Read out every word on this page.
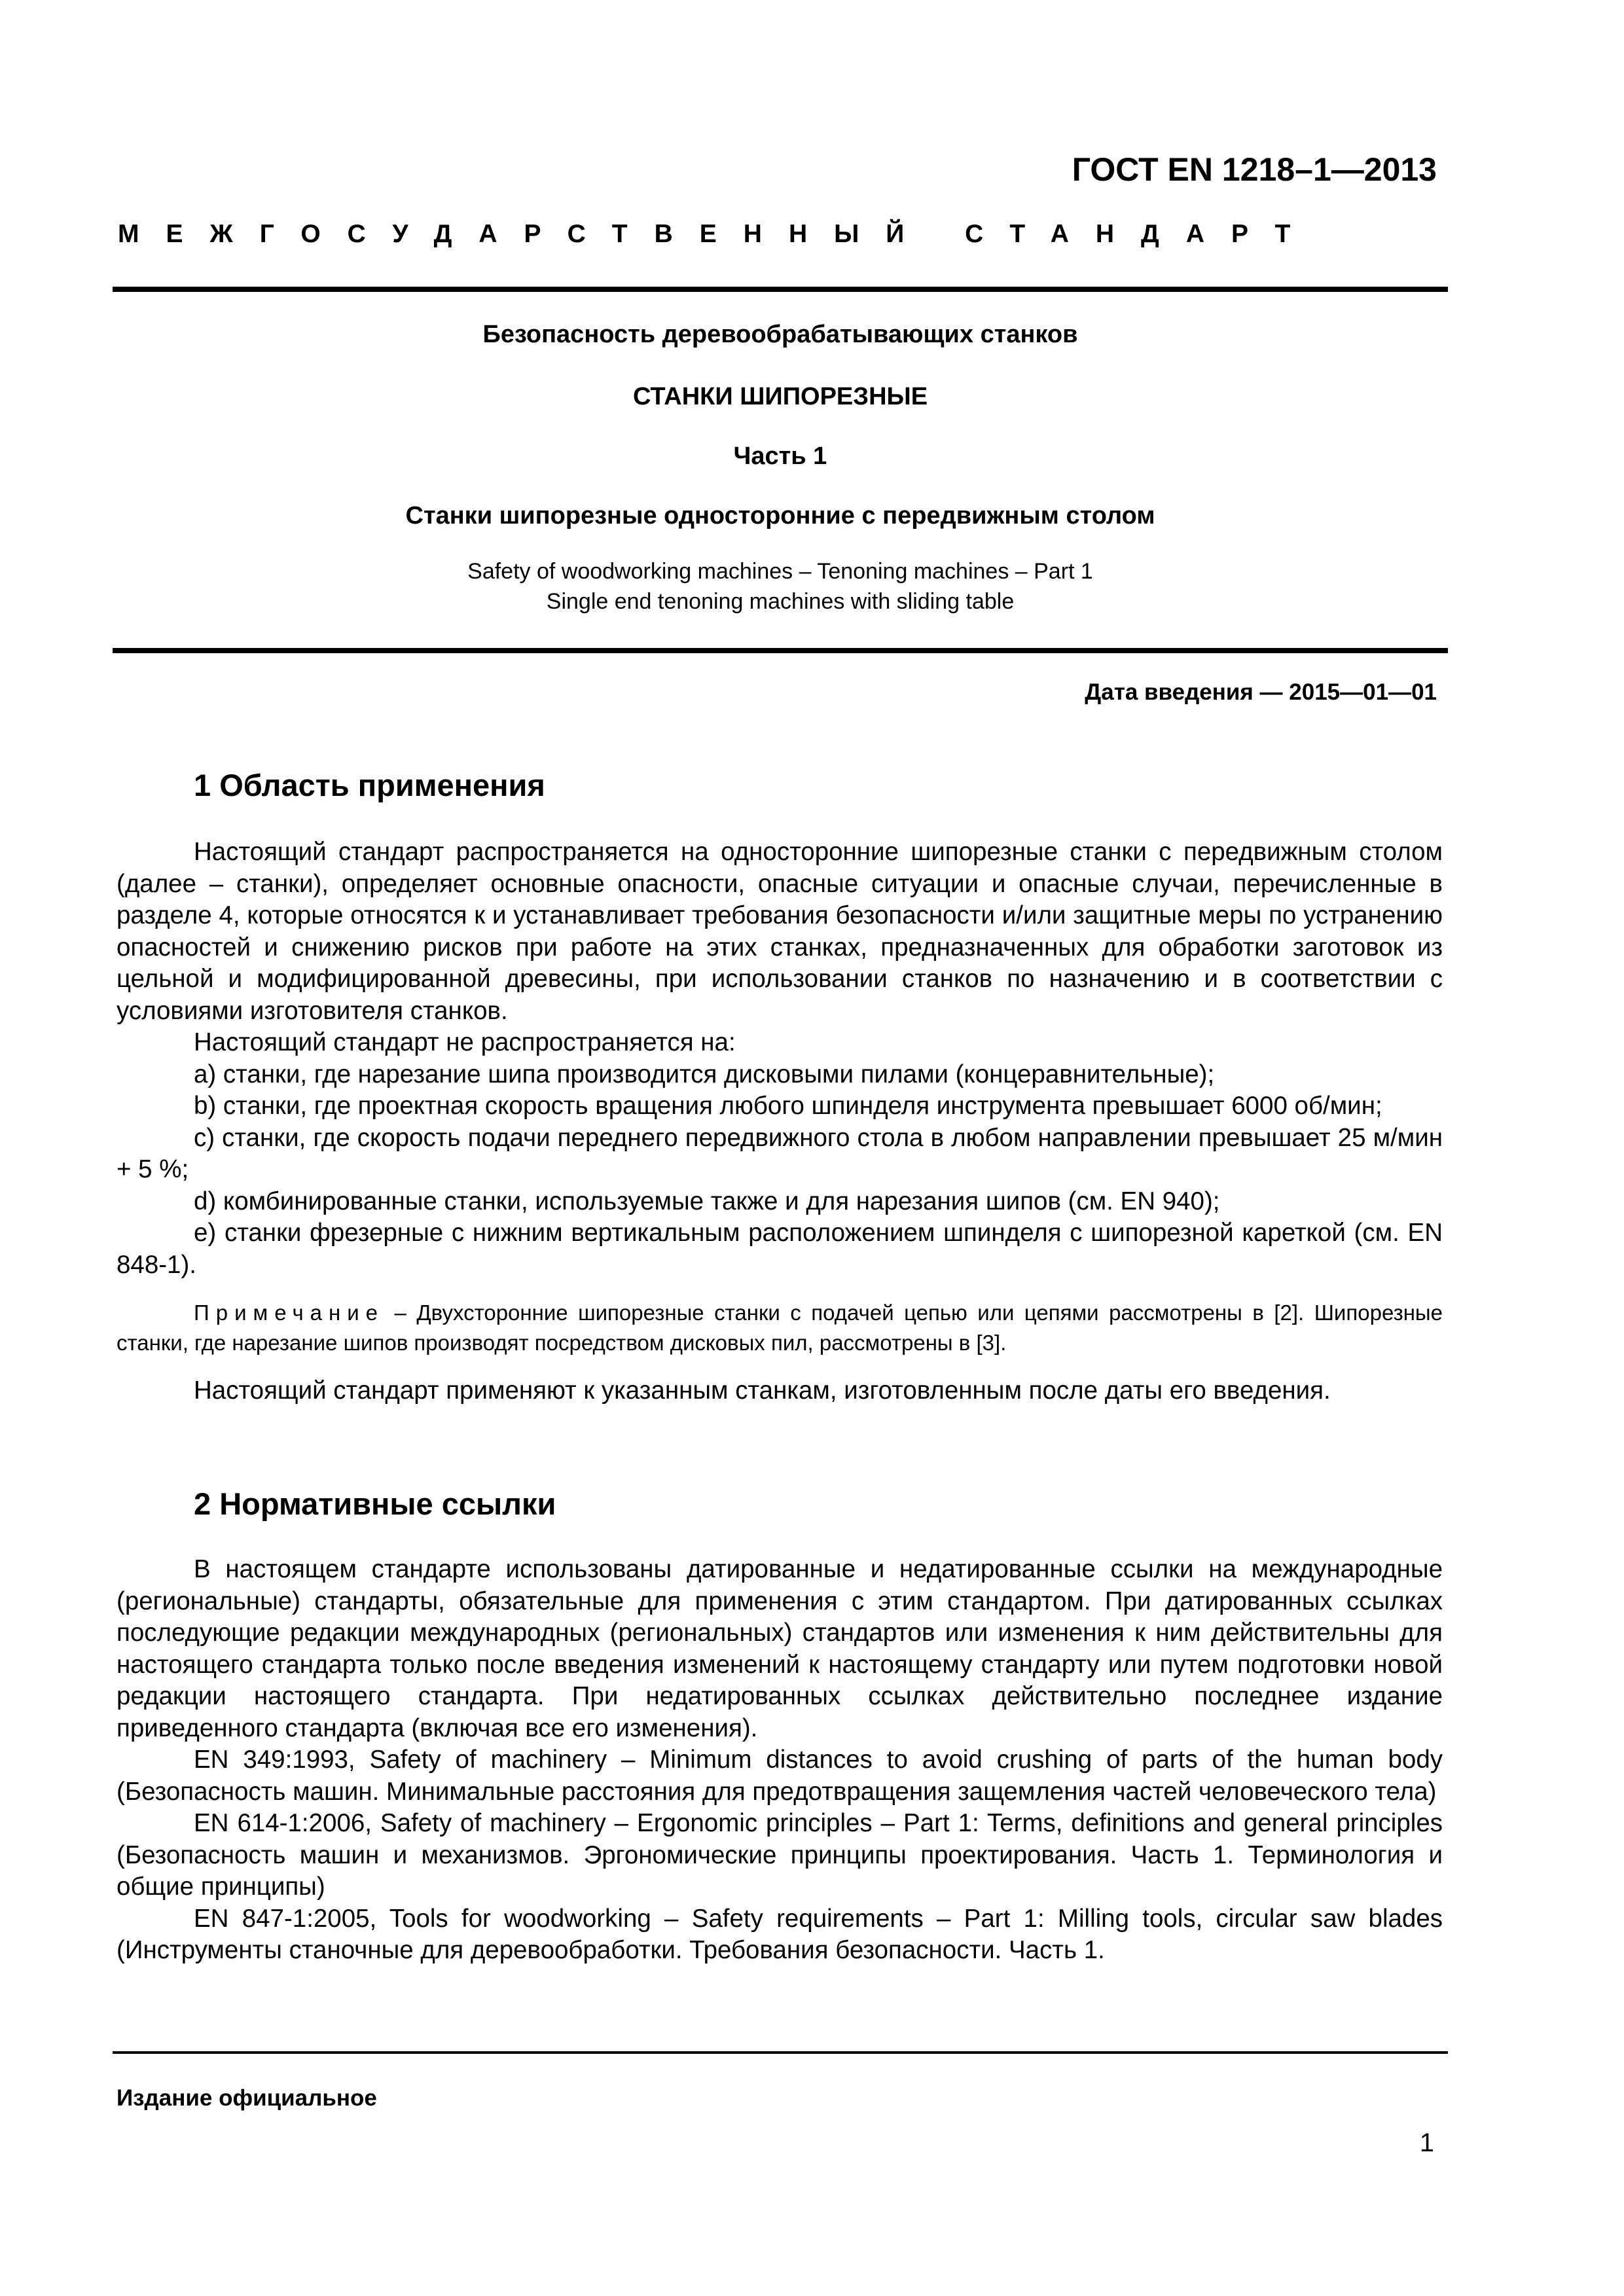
ГОСТ EN 1218–1—2013
МЕЖГОСУДАРСТВЕННЫЙ СТАНДАРТ
Безопасность деревообрабатывающих станков
СТАНКИ ШИПОРЕЗНЫЕ
Часть 1
Станки шипорезные односторонние с передвижным столом
Safety of woodworking machines – Tenoning machines – Part 1
Single end tenoning machines with sliding table
Дата введения — 2015—01—01
1 Область применения

Настоящий стандарт распространяется на односторонние шипорезные станки с передвижным столом (далее – станки), определяет основные опасности, опасные ситуации и опасные случаи, перечисленные в разделе 4, которые относятся к и устанавливает требования безопасности и/или защитные меры по устранению опасностей и снижению рисков при работе на этих станках, предназначенных для обработки заготовок из цельной и модифицированной древесины, при использовании станков по назначению и в соответствии с условиями изготовителя станков.

Настоящий стандарт не распространяется на:

a) станки, где нарезание шипа производится дисковыми пилами (концеравнительные);

b) станки, где проектная скорость вращения любого шпинделя инструмента превышает 6000 об/мин;

c) станки, где скорость подачи переднего передвижного стола в любом направлении превышает 25 м/мин + 5 %;

d) комбинированные станки, используемые также и для нарезания шипов (см. EN 940);

e) станки фрезерные с нижним вертикальным расположением шпинделя с шипорезной кареткой (см. EN 848-1).

Примечание – Двухсторонние шипорезные станки с подачей цепью или цепями рассмотрены в [2]. Шипорезные станки, где нарезание шипов производят посредством дисковых пил, рассмотрены в [3].

Настоящий стандарт применяют к указанным станкам, изготовленным после даты его введения.

2 Нормативные ссылки

В настоящем стандарте использованы датированные и недатированные ссылки на международные (региональные) стандарты, обязательные для применения с этим стандартом. При датированных ссылках последующие редакции международных (региональных) стандартов или изменения к ним действительны для настоящего стандарта только после введения изменений к настоящему стандарту или путем подготовки новой редакции настоящего стандарта. При недатированных ссылках действительно последнее издание приведенного стандарта (включая все его изменения).

EN 349:1993, Safety of machinery – Minimum distances to avoid crushing of parts of the human body (Безопасность машин. Минимальные расстояния для предотвращения защемления частей человеческого тела)

EN 614-1:2006, Safety of machinery – Ergonomic principles – Part 1: Terms, definitions and general principles (Безопасность машин и механизмов. Эргономические принципы проектирования. Часть 1. Терминология и общие принципы)

EN 847-1:2005, Tools for woodworking – Safety requirements – Part 1: Milling tools, circular saw blades (Инструменты станочные для деревообработки. Требования безопасности. Часть 1.

Издание официальное
1
